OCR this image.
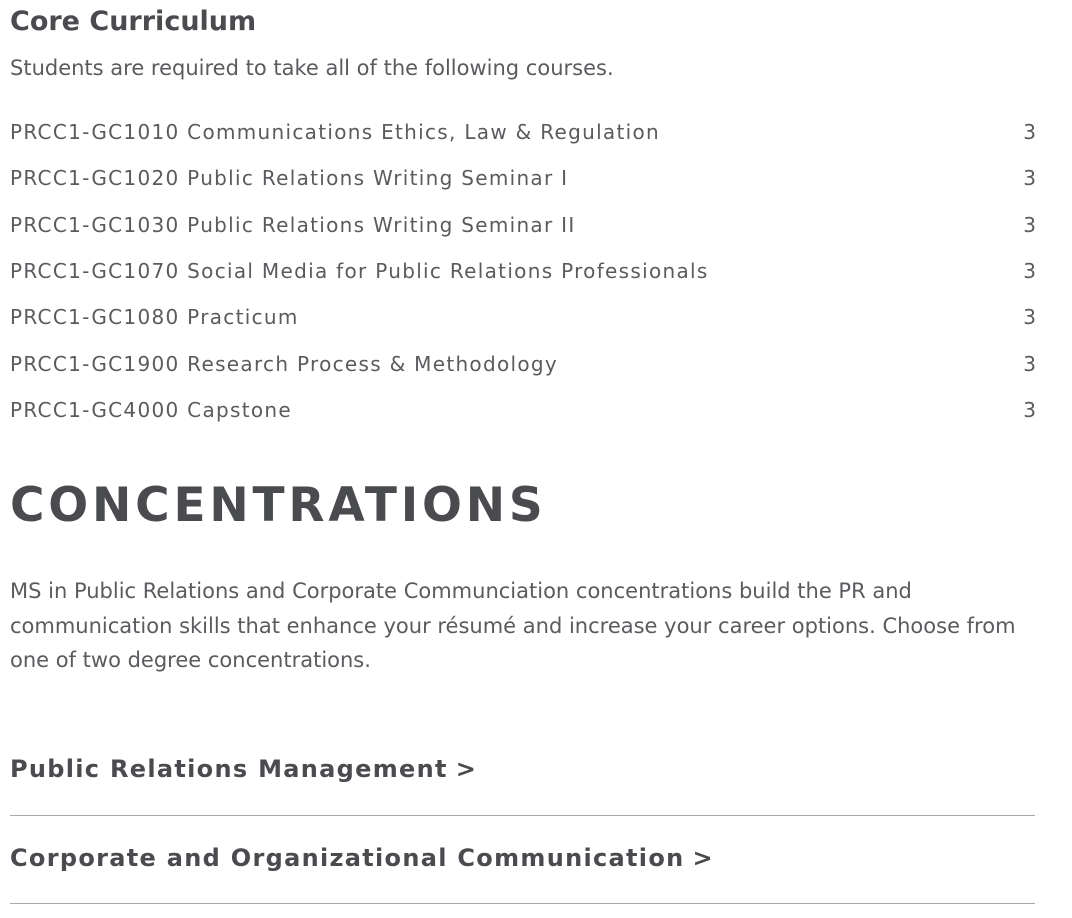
Core Curriculum

Students are required to take all of the following courses.

PRCC1-GC1010 Communications Ethics, Law & Regulation	3
PRCC1-GC1020 Public Relations Writing Seminar I	3
PRCC1-GC1030 Public Relations Writing Seminar II	3
PRCC1-GC1070 Social Media for Public Relations Professionals	3
PRCC1-GC1080 Practicum	3
PRCC1-GC1900 Research Process & Methodology	3
PRCC1-GC4000 Capstone	3
CONCENTRATIONS

MS in Public Relations and Corporate Communciation concentrations build the PR and communication skills that enhance your résumé and increase your career options. Choose from one of two degree concentrations.

Public Relations Management >
Corporate and Organizational Communication >
